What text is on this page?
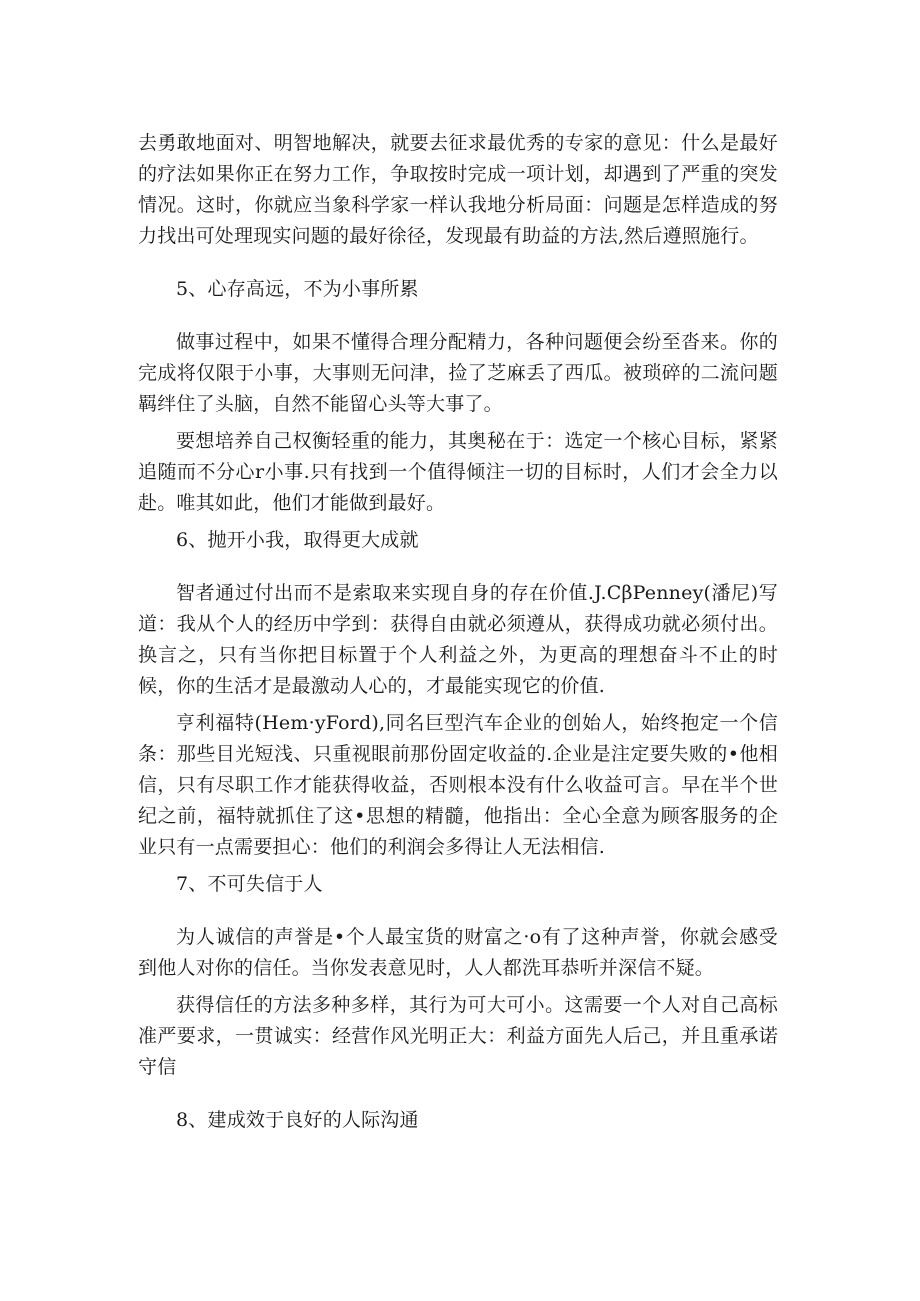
去勇敢地面对、明智地解决，就要去征求最优秀的专家的意见：什么是最好的疗法如果你正在努力工作，争取按时完成一项计划，却遇到了严重的突发情况。这时，你就应当象科学家一样认我地分析局面：问题是怎样造成的努力找出可处理现实问题的最好徐径，发现最有助益的方法,然后遵照施行。

5、心存高远，不为小事所累

做事过程中，如果不懂得合理分配精力，各种问题便会纷至沓来。你的完成将仅限于小事，大事则无问津，捡了芝麻丢了西瓜。被琐碎的二流问题羁绊住了头脑，自然不能留心头等大事了。

要想培养自己权衡轻重的能力，其奥秘在于：选定一个核心目标，紧紧追随而不分心r小事.只有找到一个值得倾注一切的目标时，人们才会全力以赴。唯其如此，他们才能做到最好。

6、抛开小我，取得更大成就

智者通过付出而不是索取来实现自身的存在价值.J.CβPenney(潘尼)写道：我从个人的经历中学到：获得自由就必须遵从，获得成功就必须付出。换言之，只有当你把目标置于个人利益之外，为更高的理想奋斗不止的时候，你的生活才是最激动人心的，才最能实现它的价值.

亨利福特(Hem·yFord),同名巨型汽车企业的创始人，始终抱定一个信条：那些目光短浅、只重视眼前那份固定收益的.企业是注定要失败的•他相信，只有尽职工作才能获得收益，否则根本没有什么收益可言。早在半个世纪之前，福特就抓住了这•思想的精髓，他指出：全心全意为顾客服务的企业只有一点需要担心：他们的利润会多得让人无法相信.

7、不可失信于人

为人诚信的声誉是•个人最宝货的财富之·o有了这种声誉，你就会感受到他人对你的信任。当你发表意见时，人人都洗耳恭听并深信不疑。

获得信任的方法多种多样，其行为可大可小。这需要一个人对自己高标准严要求，一贯诚实：经营作风光明正大：利益方面先人后己，并且重承诺守信

8、建成效于良好的人际沟通
